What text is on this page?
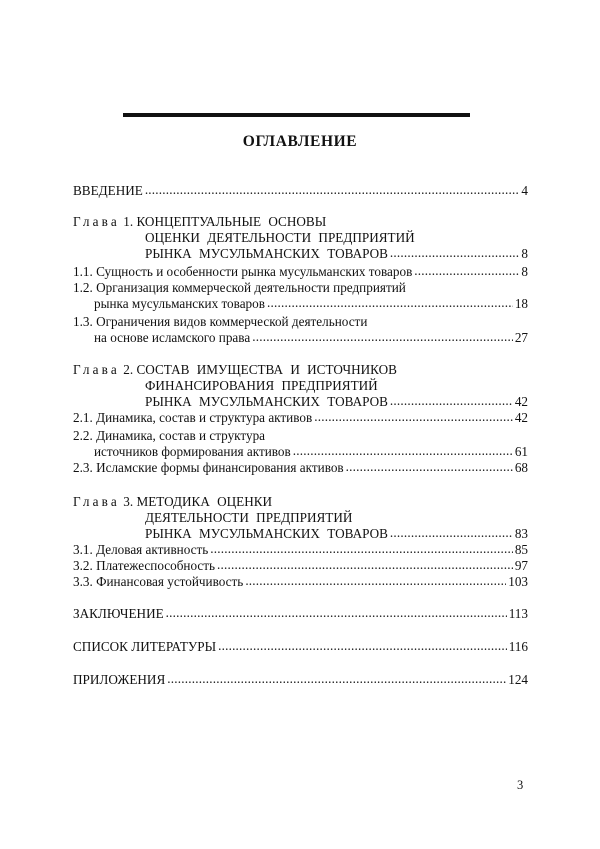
ОГЛАВЛЕНИЕ
ВВЕДЕНИЕ .....	4
Глава 1. КОНЦЕПТУАЛЬНЫЕ ОСНОВЫ
ОЦЕНКИ ДЕЯТЕЛЬНОСТИ ПРЕДПРИЯТИЙ
РЫНКА МУСУЛЬМАНСКИХ ТОВАРОВ .....	8
1.1. Сущность и особенности рынка мусульманских товаров .....	8
1.2. Организация коммерческой деятельности предприятий
рынка мусульманских товаров .....	18
1.3. Ограничения видов коммерческой деятельности
на основе исламского права .....	27
Глава 2. СОСТАВ ИМУЩЕСТВА И ИСТОЧНИКОВ
ФИНАНСИРОВАНИЯ ПРЕДПРИЯТИЙ
РЫНКА МУСУЛЬМАНСКИХ ТОВАРОВ .....	42
2.1. Динамика, состав и структура активов .....	42
2.2. Динамика, состав и структура
источников формирования активов .....	61
2.3. Исламские формы финансирования активов .....	68
Глава 3. МЕТОДИКА ОЦЕНКИ
ДЕЯТЕЛЬНОСТИ ПРЕДПРИЯТИЙ
РЫНКА МУСУЛЬМАНСКИХ ТОВАРОВ .....	83
3.1. Деловая активность .....	85
3.2. Платежеспособность .....	97
3.3. Финансовая устойчивость .....	103
ЗАКЛЮЧЕНИЕ .....	113
СПИСОК ЛИТЕРАТУРЫ .....	116
ПРИЛОЖЕНИЯ .....	124
3
